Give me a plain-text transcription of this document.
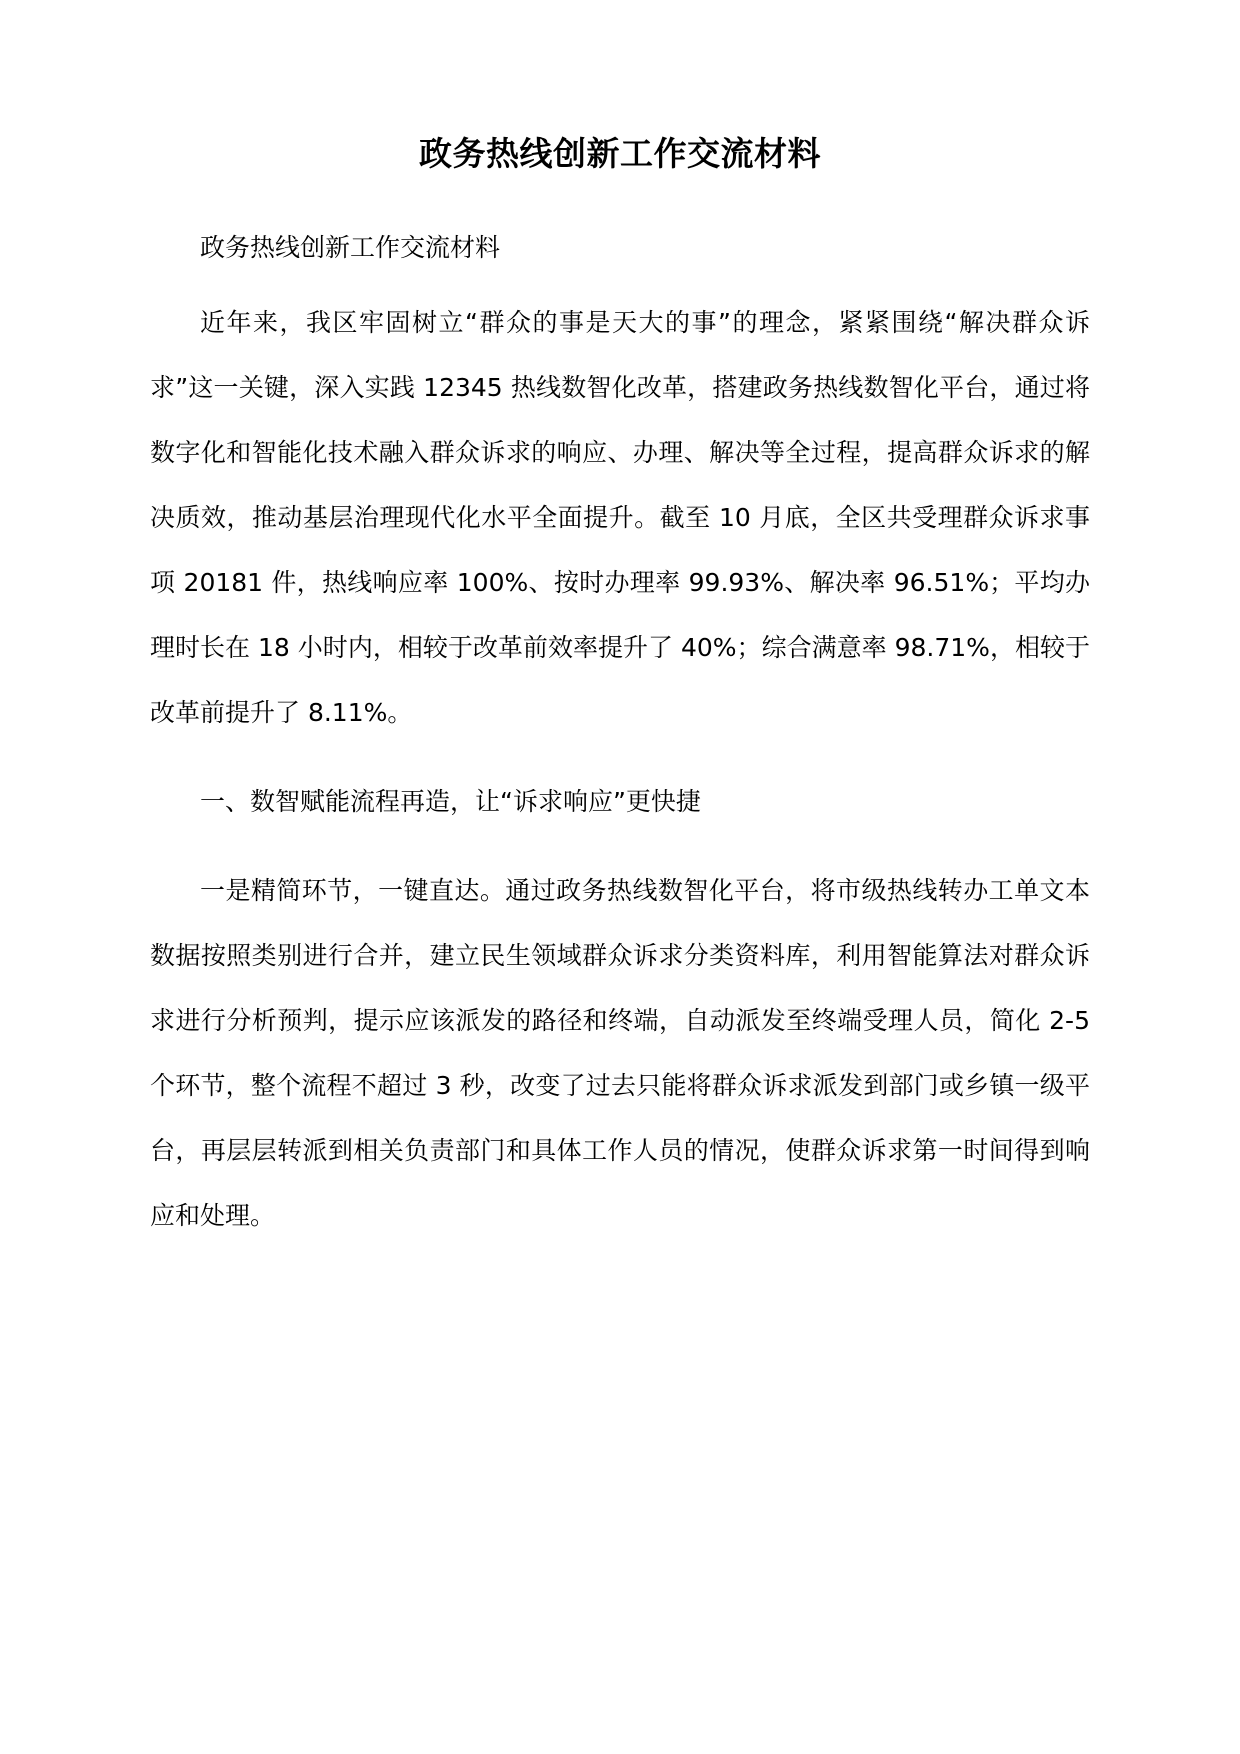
政务热线创新工作交流材料

政务热线创新工作交流材料

近年来，我区牢固树立“群众的事是天大的事”的理念，紧紧围绕“解决群众诉求”这一关键，深入实践 12345 热线数智化改革，搭建政务热线数智化平台，通过将数字化和智能化技术融入群众诉求的响应、办理、解决等全过程，提高群众诉求的解决质效，推动基层治理现代化水平全面提升。截至 10 月底，全区共受理群众诉求事项 20181 件，热线响应率 100%、按时办理率 99.93%、解决率 96.51%；平均办理时长在 18 小时内，相较于改革前效率提升了 40%；综合满意率 98.71%，相较于改革前提升了 8.11%。

一、数智赋能流程再造，让“诉求响应”更快捷

一是精简环节，一键直达。通过政务热线数智化平台，将市级热线转办工单文本数据按照类别进行合并，建立民生领域群众诉求分类资料库，利用智能算法对群众诉求进行分析预判，提示应该派发的路径和终端，自动派发至终端受理人员，简化 2-5 个环节，整个流程不超过 3 秒，改变了过去只能将群众诉求派发到部门或乡镇一级平台，再层层转派到相关负责部门和具体工作人员的情况，使群众诉求第一时间得到响应和处理。
